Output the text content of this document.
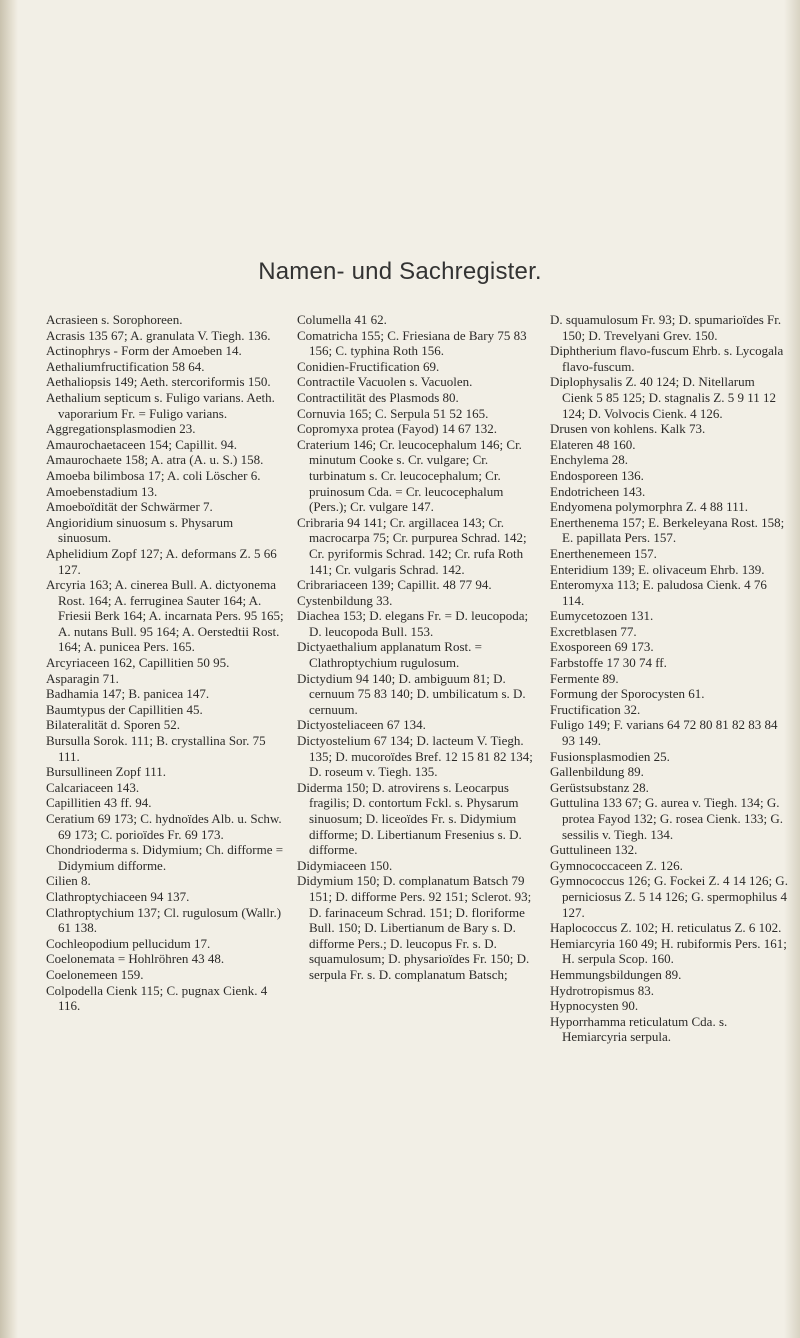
Namen- und Sachregister.

Acrasieen s. Sorophoreen.

Acrasis 135 67; A. granulata V. Tiegh. 136.

Actinophrys - Form der Amoeben 14.

Aethaliumfructification 58 64.

Aethaliopsis 149; Aeth. stercoriformis 150.

Aethalium septicum s. Fuligo varians. Aeth. vaporarium Fr. = Fuligo varians.

Aggregationsplasmodien 23.

Amaurochaetaceen 154; Capillit. 94.

Amaurochaete 158; A. atra (A. u. S.) 158.

Amoeba bilimbosa 17; A. coli Löscher 6.

Amoebenstadium 13.

Amoeboïdität der Schwärmer 7.

Angioridium sinuosum s. Physarum sinuosum.

Aphelidium Zopf 127; A. deformans Z. 5 66 127.

Arcyria 163; A. cinerea Bull. A. dictyonema Rost. 164; A. ferruginea Sauter 164; A. Friesii Berk 164; A. incarnata Pers. 95 165; A. nutans Bull. 95 164; A. Oerstedtii Rost. 164; A. punicea Pers. 165.

Arcyriaceen 162, Capillitien 50 95.

Asparagin 71.

Badhamia 147; B. panicea 147.

Baumtypus der Capillitien 45.

Bilateralität d. Sporen 52.

Bursulla Sorok. 111; B. crystallina Sor. 75 111.

Bursullineen Zopf 111.

Calcariaceen 143.

Capillitien 43 ff. 94.

Ceratium 69 173; C. hydnoïdes Alb. u. Schw. 69 173; C. porioïdes Fr. 69 173.

Chondrioderma s. Didymium; Ch. difforme = Didymium difforme.

Cilien 8.

Clathroptychiaceen 94 137.

Clathroptychium 137; Cl. rugulosum (Wallr.) 61 138.

Cochleopodium pellucidum 17.

Coelonemata = Hohlröhren 43 48.

Coelonemeen 159.

Colpodella Cienk 115; C. pugnax Cienk. 4 116.

Columella 41 62.

Comatricha 155; C. Friesiana de Bary 75 83 156; C. typhina Roth 156.

Conidien-Fructification 69.

Contractile Vacuolen s. Vacuolen.

Contractilität des Plasmods 80.

Cornuvia 165; C. Serpula 51 52 165.

Copromyxa protea (Fayod) 14 67 132.

Craterium 146; Cr. leucocephalum 146; Cr. minutum Cooke s. Cr. vulgare; Cr. turbinatum s. Cr. leucocephalum; Cr. pruinosum Cda. = Cr. leucocephalum (Pers.); Cr. vulgare 147.

Cribraria 94 141; Cr. argillacea 143; Cr. macrocarpa 75; Cr. purpurea Schrad. 142; Cr. pyriformis Schrad. 142; Cr. rufa Roth 141; Cr. vulgaris Schrad. 142.

Cribrariaceen 139; Capillit. 48 77 94.

Cystenbildung 33.

Diachea 153; D. elegans Fr. = D. leucopoda; D. leucopoda Bull. 153.

Dictyaethalium applanatum Rost. = Clathroptychium rugulosum.

Dictydium 94 140; D. ambiguum 81; D. cernuum 75 83 140; D. umbilicatum s. D. cernuum.

Dictyosteliaceen 67 134.

Dictyostelium 67 134; D. lacteum V. Tiegh. 135; D. mucoroïdes Bref. 12 15 81 82 134; D. roseum v. Tiegh. 135.

Diderma 150; D. atrovirens s. Leocarpus fragilis; D. contortum Fckl. s. Physarum sinuosum; D. liceoïdes Fr. s. Didymium difforme; D. Libertianum Fresenius s. D. difforme.

Didymiaceen 150.

Didymium 150; D. complanatum Batsch 79 151; D. difforme Pers. 92 151; Sclerot. 93; D. farinaceum Schrad. 151; D. floriforme Bull. 150; D. Libertianum de Bary s. D. difforme Pers.; D. leucopus Fr. s. D. squamulosum; D. physarioïdes Fr. 150; D. serpula Fr. s. D. complanatum Batsch;

D. squamulosum Fr. 93; D. spumarioïdes Fr. 150; D. Trevelyani Grev. 150.

Diphtherium flavo-fuscum Ehrb. s. Lycogala flavo-fuscum.

Diplophysalis Z. 40 124; D. Nitellarum Cienk 5 85 125; D. stagnalis Z. 5 9 11 12 124; D. Volvocis Cienk. 4 126.

Drusen von kohlens. Kalk 73.

Elateren 48 160.

Enchylema 28.

Endosporeen 136.

Endotricheen 143.

Endyomena polymorphra Z. 4 88 111.

Enerthenema 157; E. Berkeleyana Rost. 158; E. papillata Pers. 157.

Enerthenemeen 157.

Enteridium 139; E. olivaceum Ehrb. 139.

Enteromyxa 113; E. paludosa Cienk. 4 76 114.

Eumycetozoen 131.

Excretblasen 77.

Exosporeen 69 173.

Farbstoffe 17 30 74 ff.

Fermente 89.

Formung der Sporocysten 61.

Fructification 32.

Fuligo 149; F. varians 64 72 80 81 82 83 84 93 149.

Fusionsplasmodien 25.

Gallenbildung 89.

Gerüstsubstanz 28.

Guttulina 133 67; G. aurea v. Tiegh. 134; G. protea Fayod 132; G. rosea Cienk. 133; G. sessilis v. Tiegh. 134.

Guttulineen 132.

Gymnococcaceen Z. 126.

Gymnococcus 126; G. Fockei Z. 4 14 126; G. perniciosus Z. 5 14 126; G. spermophilus 4 127.

Haplococcus Z. 102; H. reticulatus Z. 6 102.

Hemiarcyria 160 49; H. rubiformis Pers. 161; H. serpula Scop. 160.

Hemmungsbildungen 89.

Hydrotropismus 83.

Hypnocysten 90.

Hyporrhamma reticulatum Cda. s. Hemiarcyria serpula.
